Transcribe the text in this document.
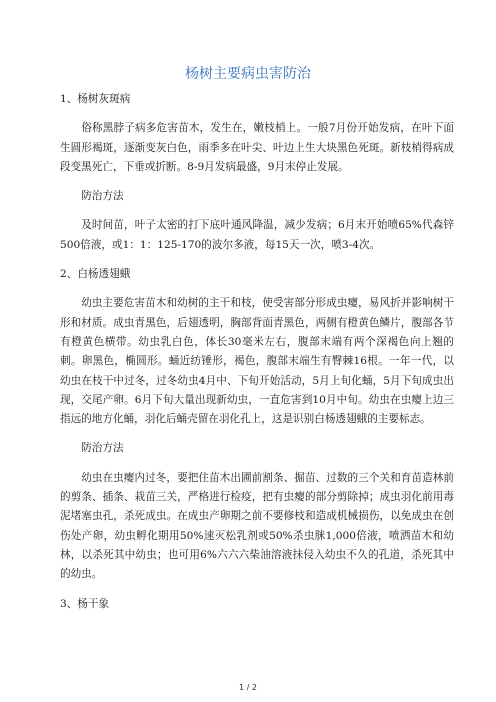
杨树主要病虫害防治

1、杨树灰斑病

俗称黑脖子病多危害苗木，发生在，嫩枝梢上。一般7月份开始发病，在叶下面生圆形褐斑，逐渐变灰白色，雨季多在叶尖、叶边上生大块黑色死斑。新枝梢得病成段变黑死亡，下垂或折断。8-9月发病最盛，9月末停止发展。

防治方法

及时间苗，叶子太密的打下底叶通风降温，减少发病；6月末开始喷65%代森锌500倍液，或1：1：125-170的波尔多液，每15天一次，喷3-4次。

2、白杨透翅蛾

幼虫主要危害苗木和幼树的主干和枝，使受害部分形成虫瘿，易风折并影响树干形和材质。成虫青黑色，后翅透明，胸部背面青黑色，两侧有橙黄色鳞片，腹部各节有橙黄色横带。幼虫乳白色，体长30毫米左右，腹部末端有两个深褐色向上翘的刺。卵黑色，椭圆形。蛹近纺锤形，褐色，腹部末端生有臀棘16根。一年一代，以幼虫在枝干中过冬，过冬幼虫4月中、下旬开始活动，5月上旬化蛹，5月下旬成虫出现，交尾产卵。6月下旬大量出现新幼虫，一直危害到10月中旬。幼虫在虫瘿上边三指远的地方化蛹，羽化后蛹壳留在羽化孔上，这是识别白杨透翅蛾的主要标志。

防治方法

幼虫在虫瘿内过冬，要把住苗木出圃前割条、掘苗、过数的三个关和育苗造林前的剪条、插条、栽苗三关，严格进行检疫，把有虫瘿的部分剪除掉；成虫羽化前用毒泥堵塞虫孔，杀死成虫。在成虫产卵期之前不要修枝和造成机械损伤，以免成虫在创伤处产卵，幼虫孵化期用50%速灭松乳剂或50%杀虫脒1,000倍液，喷洒苗木和幼林，以杀死其中幼虫；也可用6%六六六柴油溶液抹侵入幼虫不久的孔道，杀死其中的幼虫。

3、杨干象

1 / 2
